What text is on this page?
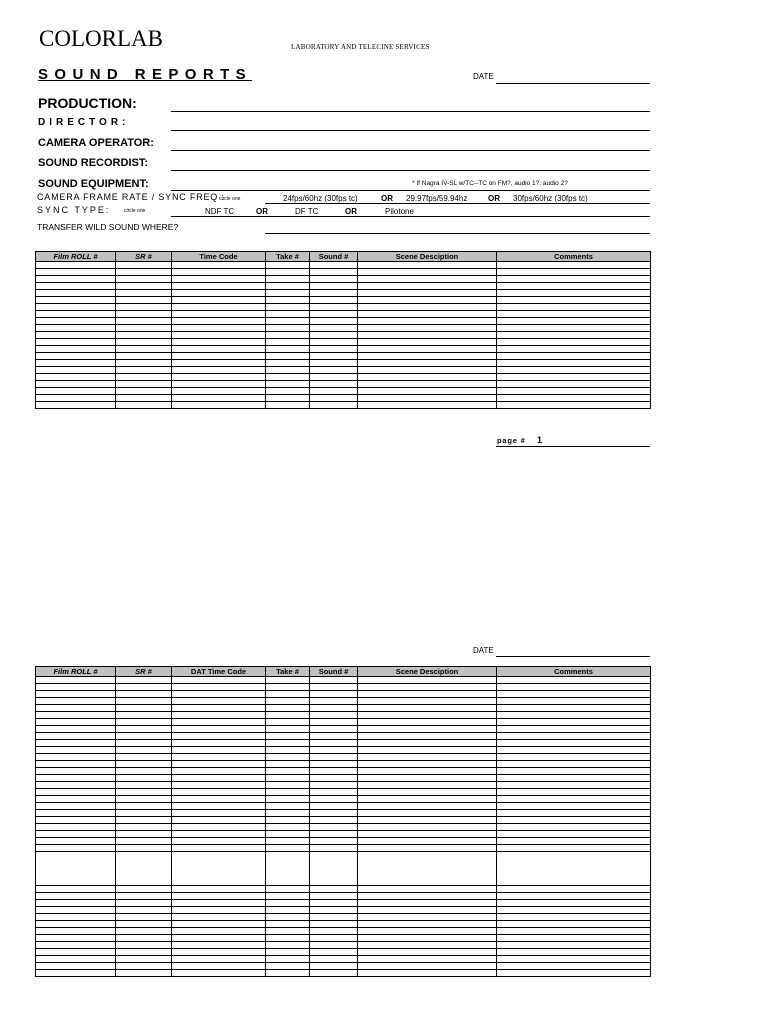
COLORLAB	LABORATORY AND TELECINE SERVICES
SOUND REPORTS	DATE
PRODUCTION:
DIRECTOR:
CAMERA OPERATOR:
SOUND RECORDIST:
SOUND EQUIPMENT:	* If Nagra IV-SL w/TC--TC on FM?, audio 1?, audio 2?
CAMERA FRAME RATE / SYNC FREQ :
circle one	24fps/60hz (30fps tc)	OR 29.97fps/59.94hz	OR 30fps/60hz (30fps tc)
SYNC TYPE:	circle one	NDF TC	OR	DF TC	OR	Pilotone
TRANSFER WILD SOUND WHERE?
Film ROLL #	SR #	Time Code	Take #	Sound #	Scene Desciption	Comments

page # 1
DATE
Film ROLL #	SR #	DAT Time Code	Take #	Sound #	Scene Desciption	Comments
